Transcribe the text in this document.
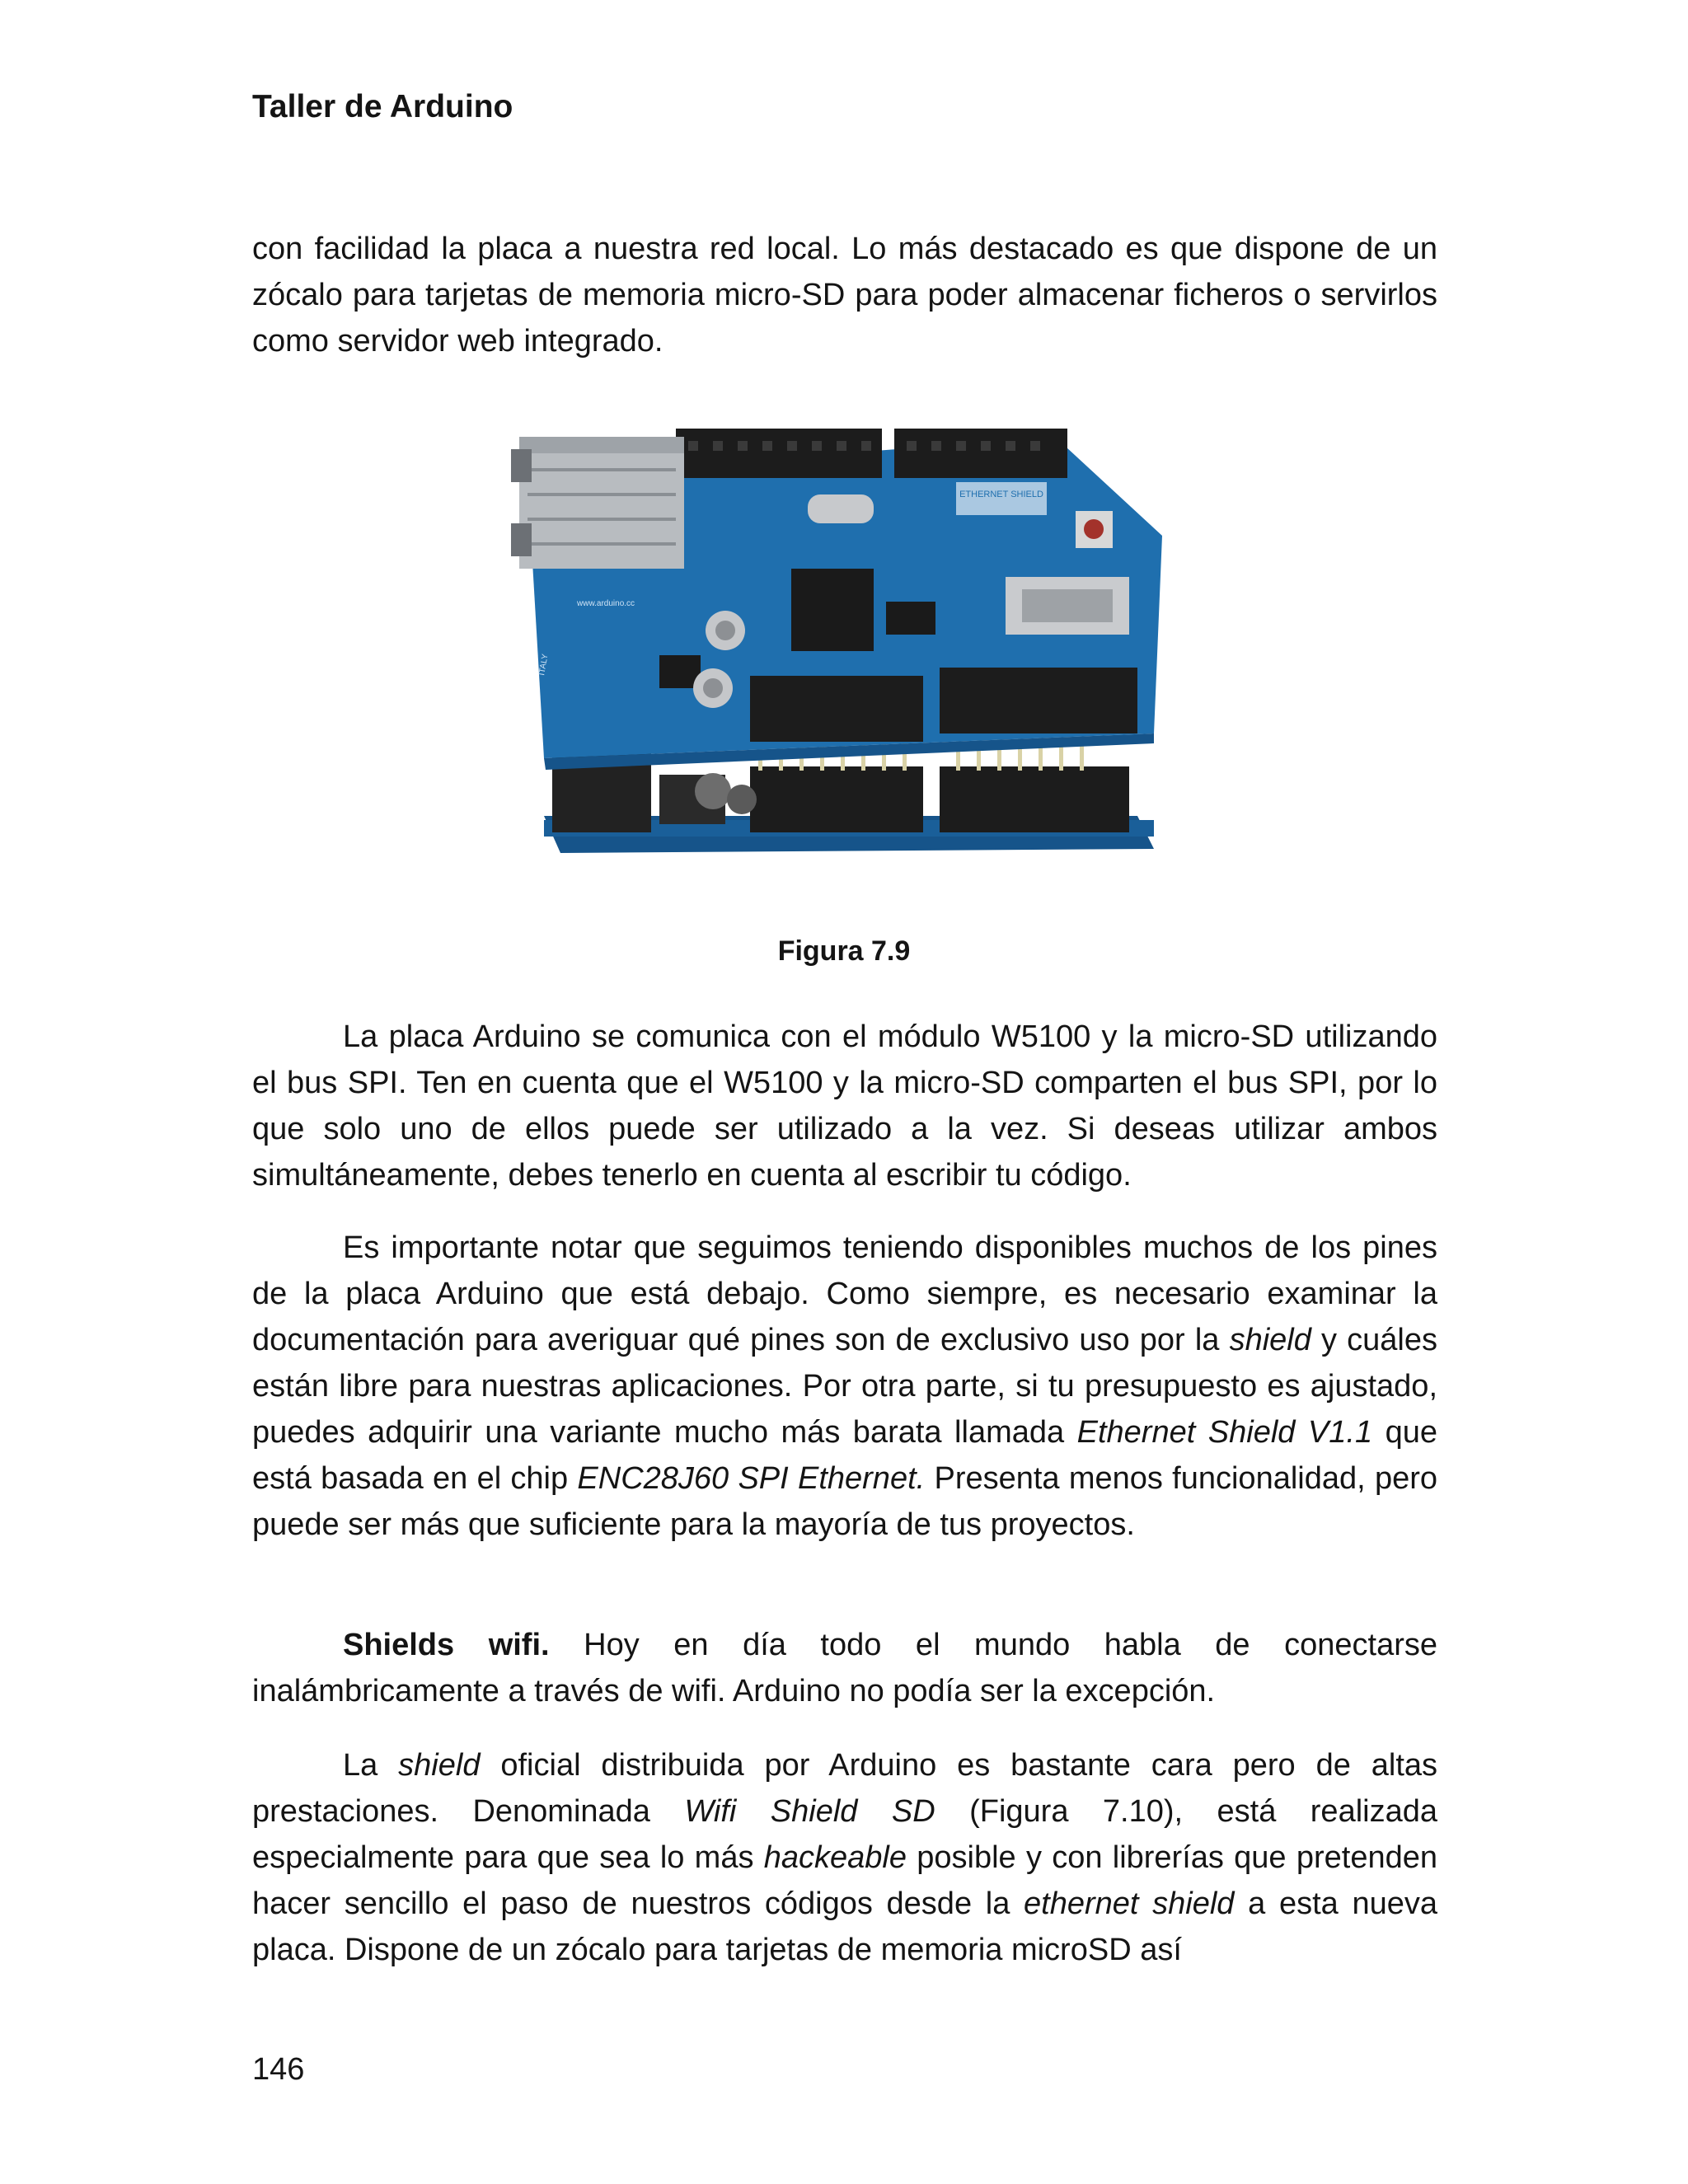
Taller de Arduino

con facilidad la placa a nuestra red local. Lo más destacado es que dispone de un zócalo para tarjetas de memoria micro-SD para poder almacenar ficheros o servirlos como servidor web integrado.

ETHERNET SHIELD
www.arduino.cc
ITALY

Figura 7.9

La placa Arduino se comunica con el módulo W5100 y la micro-SD utilizando el bus SPI. Ten en cuenta que el W5100 y la micro-SD comparten el bus SPI, por lo que solo uno de ellos puede ser utilizado a la vez. Si deseas utilizar ambos simultáneamente, debes tenerlo en cuenta al escribir tu código.

Es importante notar que seguimos teniendo disponibles muchos de los pines de la placa Arduino que está debajo. Como siempre, es necesario examinar la documentación para averiguar qué pines son de exclusivo uso por la shield y cuáles están libre para nuestras aplicaciones. Por otra parte, si tu presupuesto es ajustado, puedes adquirir una variante mucho más barata llamada Ethernet Shield V1.1 que está basada en el chip ENC28J60 SPI Ethernet. Presenta menos funcionalidad, pero puede ser más que suficiente para la mayoría de tus proyectos.

Shields wifi. Hoy en día todo el mundo habla de conectarse inalámbricamente a través de wifi. Arduino no podía ser la excepción.

La shield oficial distribuida por Arduino es bastante cara pero de altas prestaciones. Denominada Wifi Shield SD (Figura 7.10), está realizada especialmente para que sea lo más hackeable posible y con librerías que pretenden hacer sencillo el paso de nuestros códigos desde la ethernet shield a esta nueva placa. Dispone de un zócalo para tarjetas de memoria microSD así

146
